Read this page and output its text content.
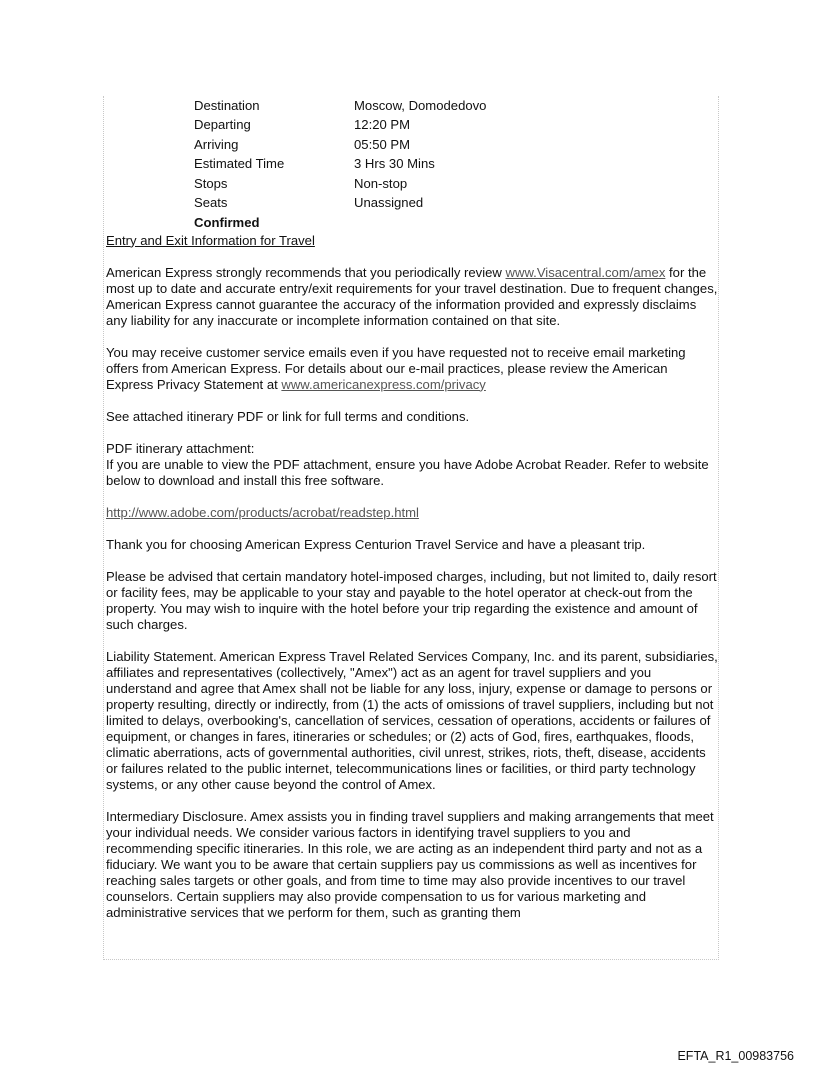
Destination	Moscow, Domodedovo
Departing	12:20 PM
Arriving	05:50 PM
Estimated Time	3 Hrs 30 Mins
Stops	Non-stop
Seats	Unassigned
Confirmed	
Entry and Exit Information for Travel

American Express strongly recommends that you periodically review www.Visacentral.com/amex for the most up to date and accurate entry/exit requirements for your travel destination. Due to frequent changes, American Express cannot guarantee the accuracy of the information provided and expressly disclaims any liability for any inaccurate or incomplete information contained on that site.

You may receive customer service emails even if you have requested not to receive email marketing offers from American Express. For details about our e-mail practices, please review the American Express Privacy Statement at www.americanexpress.com/privacy

See attached itinerary PDF or link for full terms and conditions.

PDF itinerary attachment:
If you are unable to view the PDF attachment, ensure you have Adobe Acrobat Reader. Refer to website below to download and install this free software.

http://www.adobe.com/products/acrobat/readstep.html

Thank you for choosing American Express Centurion Travel Service and have a pleasant trip.

Please be advised that certain mandatory hotel-imposed charges, including, but not limited to, daily resort or facility fees, may be applicable to your stay and payable to the hotel operator at check-out from the property. You may wish to inquire with the hotel before your trip regarding the existence and amount of such charges.

Liability Statement. American Express Travel Related Services Company, Inc. and its parent, subsidiaries, affiliates and representatives (collectively, "Amex") act as an agent for travel suppliers and you understand and agree that Amex shall not be liable for any loss, injury, expense or damage to persons or property resulting, directly or indirectly, from (1) the acts of omissions of travel suppliers, including but not limited to delays, overbooking's, cancellation of services, cessation of operations, accidents or failures of equipment, or changes in fares, itineraries or schedules; or (2) acts of God, fires, earthquakes, floods, climatic aberrations, acts of governmental authorities, civil unrest, strikes, riots, theft, disease, accidents or failures related to the public internet, telecommunications lines or facilities, or third party technology systems, or any other cause beyond the control of Amex.

Intermediary Disclosure. Amex assists you in finding travel suppliers and making arrangements that meet your individual needs. We consider various factors in identifying travel suppliers to you and recommending specific itineraries. In this role, we are acting as an independent third party and not as a fiduciary. We want you to be aware that certain suppliers pay us commissions as well as incentives for reaching sales targets or other goals, and from time to time may also provide incentives to our travel counselors. Certain suppliers may also provide compensation to us for various marketing and administrative services that we perform for them, such as granting them

EFTA_R1_00983756
